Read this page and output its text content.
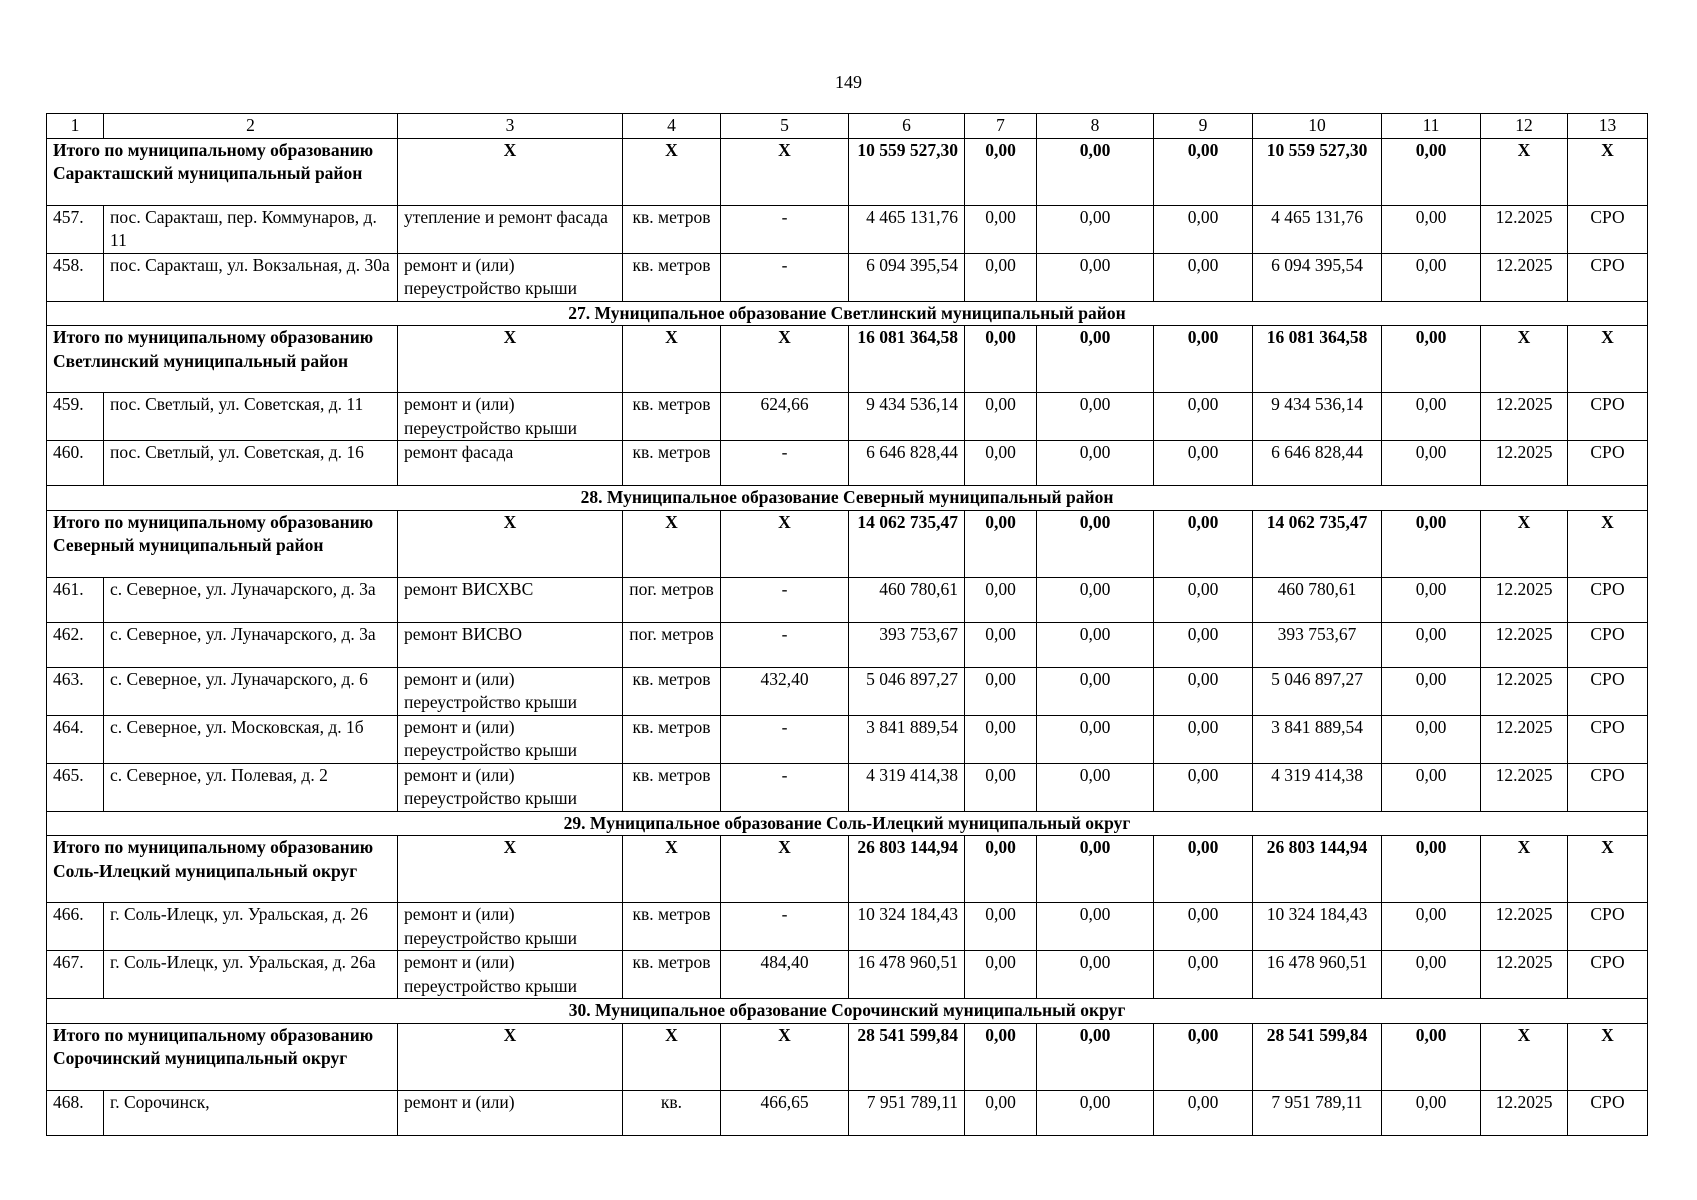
149
1	2	3	4	5	6	7	8	9	10	11	12	13
Итого по муниципальному образованию Саракташский муниципальный район		X	X	X	10 559 527,30	0,00	0,00	0,00	10 559 527,30	0,00	X	X
457.	пос. Саракташ, пер. Коммунаров, д. 11	утепление и ремонт фасада	кв. метров	-	4 465 131,76	0,00	0,00	0,00	4 465 131,76	0,00	12.2025	СРО
458.	пос. Саракташ, ул. Вокзальная, д. 30а	ремонт и (или) переустройство крыши	кв. метров	-	6 094 395,54	0,00	0,00	0,00	6 094 395,54	0,00	12.2025	СРО
27. Муниципальное образование Светлинский муниципальный район												
Итого по муниципальному образованию Светлинский муниципальный район		X	X	X	16 081 364,58	0,00	0,00	0,00	16 081 364,58	0,00	X	X
459.	пос. Светлый, ул. Советская, д. 11	ремонт и (или) переустройство крыши	кв. метров	624,66	9 434 536,14	0,00	0,00	0,00	9 434 536,14	0,00	12.2025	СРО
460.	пос. Светлый, ул. Советская, д. 16	ремонт фасада	кв. метров	-	6 646 828,44	0,00	0,00	0,00	6 646 828,44	0,00	12.2025	СРО
28. Муниципальное образование Северный муниципальный район												
Итого по муниципальному образованию Северный муниципальный район		X	X	X	14 062 735,47	0,00	0,00	0,00	14 062 735,47	0,00	X	X
461.	с. Северное, ул. Луначарского, д. 3а	ремонт ВИСХВС	пог. метров	-	460 780,61	0,00	0,00	0,00	460 780,61	0,00	12.2025	СРО
462.	с. Северное, ул. Луначарского, д. 3а	ремонт ВИСВО	пог. метров	-	393 753,67	0,00	0,00	0,00	393 753,67	0,00	12.2025	СРО
463.	с. Северное, ул. Луначарского, д. 6	ремонт и (или) переустройство крыши	кв. метров	432,40	5 046 897,27	0,00	0,00	0,00	5 046 897,27	0,00	12.2025	СРО
464.	с. Северное, ул. Московская, д. 1б	ремонт и (или) переустройство крыши	кв. метров	-	3 841 889,54	0,00	0,00	0,00	3 841 889,54	0,00	12.2025	СРО
465.	с. Северное, ул. Полевая, д. 2	ремонт и (или) переустройство крыши	кв. метров	-	4 319 414,38	0,00	0,00	0,00	4 319 414,38	0,00	12.2025	СРО
29. Муниципальное образование Соль-Илецкий муниципальный округ												
Итого по муниципальному образованию Соль-Илецкий муниципальный округ		X	X	X	26 803 144,94	0,00	0,00	0,00	26 803 144,94	0,00	X	X
466.	г. Соль-Илецк, ул. Уральская, д. 26	ремонт и (или) переустройство крыши	кв. метров	-	10 324 184,43	0,00	0,00	0,00	10 324 184,43	0,00	12.2025	СРО
467.	г. Соль-Илецк, ул. Уральская, д. 26а	ремонт и (или) переустройство крыши	кв. метров	484,40	16 478 960,51	0,00	0,00	0,00	16 478 960,51	0,00	12.2025	СРО
30. Муниципальное образование Сорочинский муниципальный округ												
Итого по муниципальному образованию Сорочинский муниципальный округ		X	X	X	28 541 599,84	0,00	0,00	0,00	28 541 599,84	0,00	X	X
468.	г. Сорочинск,	ремонт и (или)	кв.	466,65	7 951 789,11	0,00	0,00	0,00	7 951 789,11	0,00	12.2025	СРО
